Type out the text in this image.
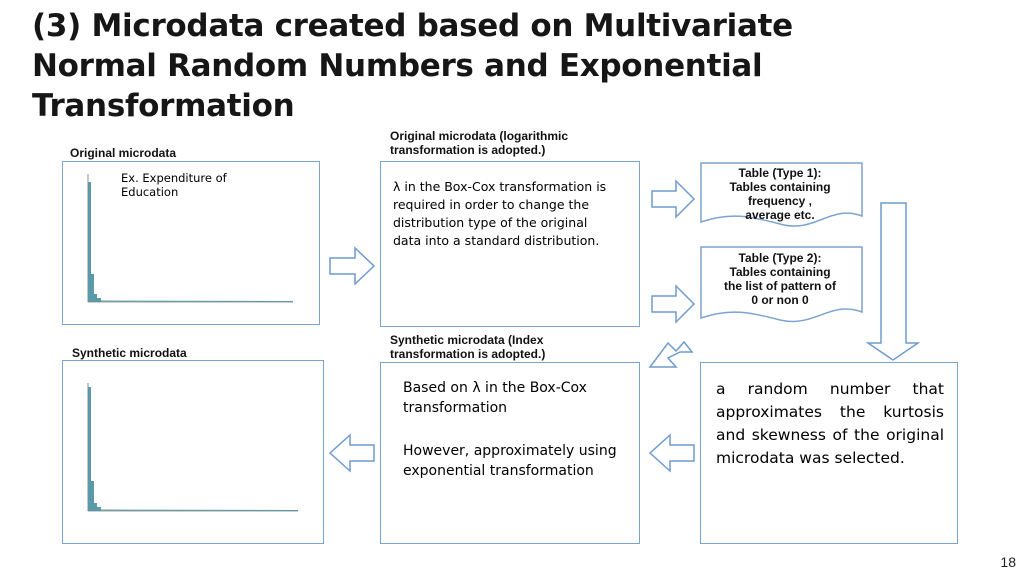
(3) Microdata created based on Multivariate
Normal Random Numbers and Exponential
Transformation
Original microdata
Original microdata (logarithmic
transformation is adopted.)
Synthetic microdata (Index
transformation is adopted.)
Synthetic microdata
Ex. Expenditure of
Education	λ in the Box-Cox transformation is required in order to change the distribution type of the original data into a standard distribution.
Table (Type 1):
Tables containing
frequency ,
average etc.
Table (Type 2):
Tables containing
the list of pattern of
0 or non 0
Based on λ in the Box-Cox transformation
However, approximately using exponential transformation
a random number that approximates the kurtosis and skewness of the original microdata was selected.
18
